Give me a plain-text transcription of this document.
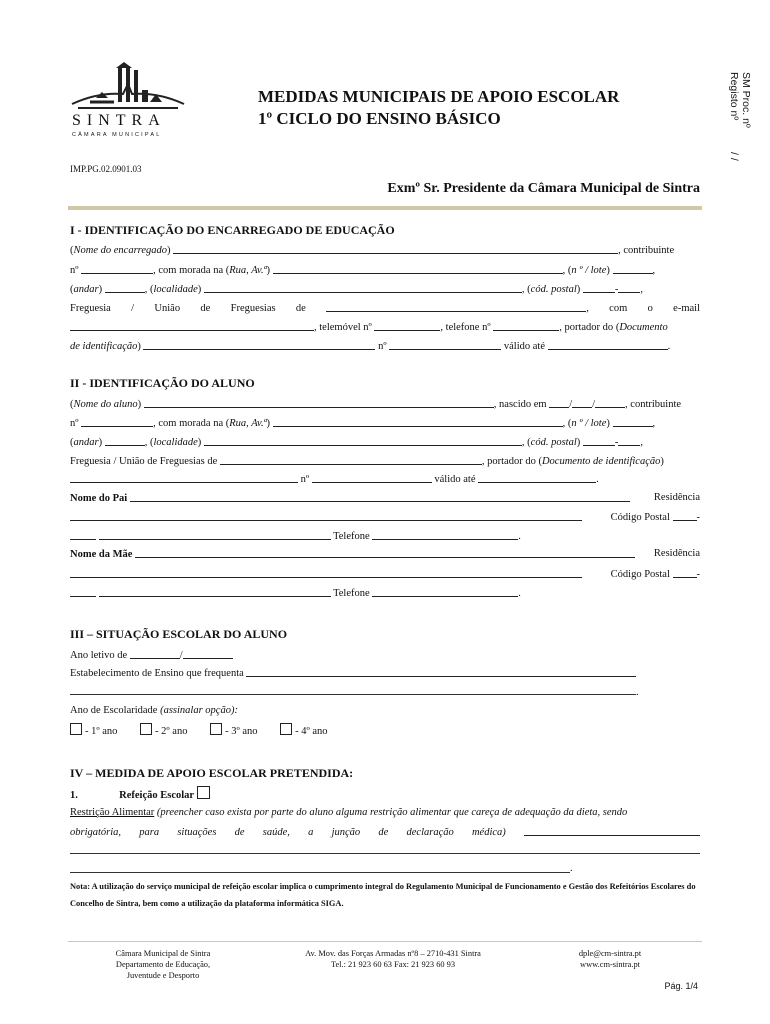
SINTRA
CÂMARA MUNICIPAL
MEDIDAS MUNICIPAIS DE APOIO ESCOLAR
1º CICLO DO ENSINO BÁSICO	SM Proc. nº
Registo nº
/ /
IMP.PG.02.0901.03
Exmº Sr. Presidente da Câmara Municipal de Sintra
I - IDENTIFICAÇÃO DO ENCARREGADO DE EDUCAÇÃO
(Nome do encarregado)	, contribuinte
nº	, com morada na (Rua, Av.ª)	, (n º / lote)	,
(andar)	, (localidade)	, (cód. postal)	- ,
Freguesia / União de Freguesias de	, com o e-mail
, telemóvel nº	, telefone nº	, portador do (Documento
de identificação)	nº	válido até	.
II - IDENTIFICAÇÃO DO ALUNO
(Nome do aluno)	, nascido em / /	, contribuinte
nº	, com morada na (Rua, Av.ª)	, (n º / lote)	,
(andar)	, (localidade)	, (cód. postal)	- ,
Freguesia / União de Freguesias de	, portador do (Documento de identificação)
nº	válido até	.
Nome do Pai	Residência
Código Postal	-
Telefone	.
Nome da Mãe	Residência
Código Postal	-
Telefone	.
III – SITUAÇÃO ESCOLAR DO ALUNO
Ano letivo de	/
Estabelecimento de Ensino que frequenta
.
Ano de Escolaridade (assinalar opção):
- 1º ano	- 2º ano	- 3º ano	- 4º ano
IV – MEDIDA DE APOIO ESCOLAR PRETENDIDA:
1.	Refeição Escolar
Restrição Alimentar (preencher caso exista por parte do aluno alguma restrição alimentar que careça de adequação da dieta, sendo
obrigatória, para situações de saúde, a junção de declaração médica)
.
Nota: A utilização do serviço municipal de refeição escolar implica o cumprimento integral do Regulamento Municipal de Funcionamento e Gestão dos Refeitórios Escolares do Concelho de Sintra, bem como a utilização da plataforma informática SIGA.
Câmara Municipal de Sintra
Departamento de Educação,
Juventude e Desporto
Av. Mov. das Forças Armadas nº8 – 2710-431 Sintra
Tel.: 21 923 60 63 Fax: 21 923 60 93
dple@cm-sintra.pt
www.cm-sintra.pt
Pág. 1/4
